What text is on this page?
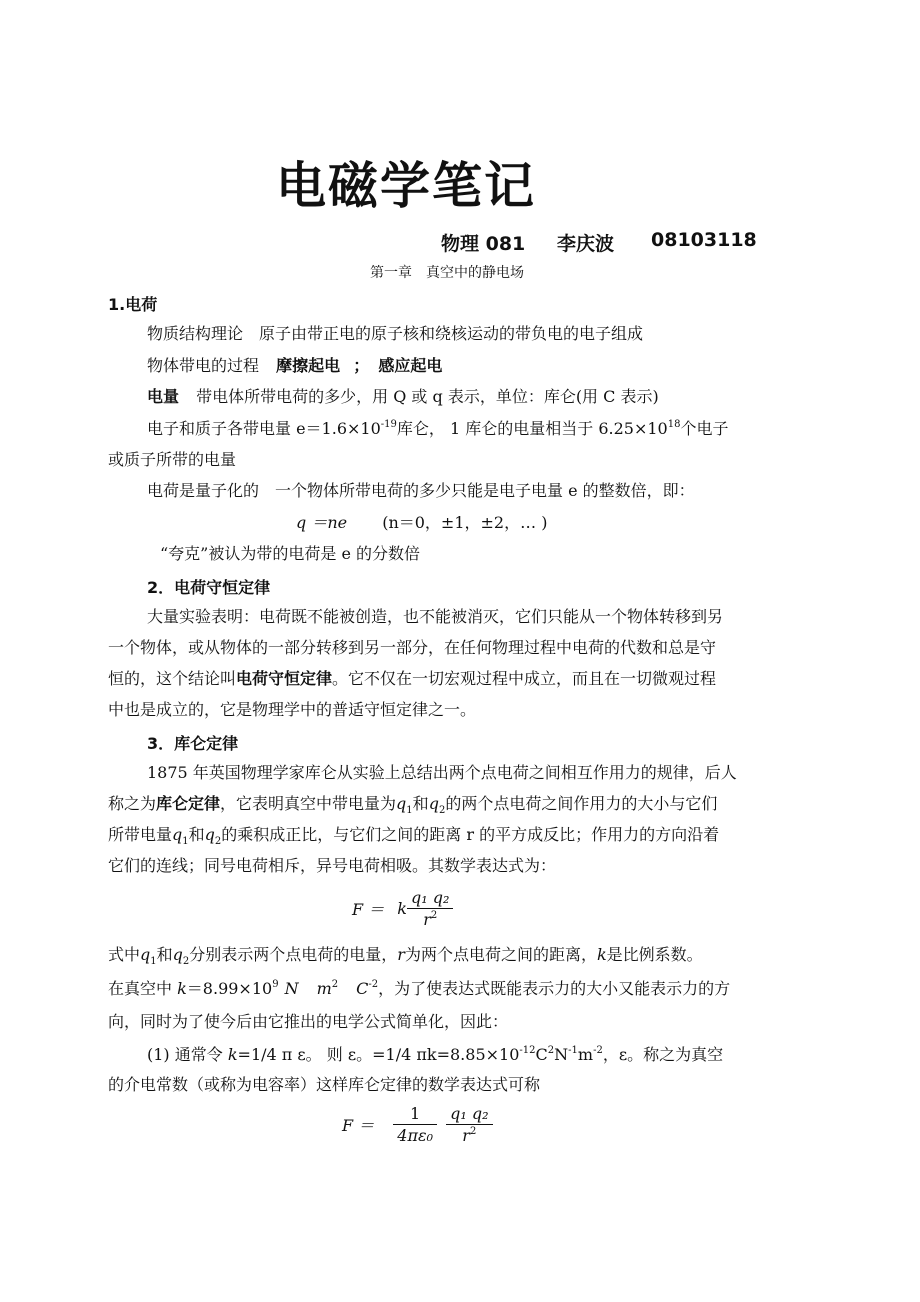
电磁学笔记
物理 081 李庆波 08103118
第一章　真空中的静电场
1.电荷
物质结构理论　原子由带正电的原子核和绕核运动的带负电的电子组成
物体带电的过程 摩擦起电 ； 感应起电
电量 带电体所带电荷的多少，用 Q 或 q 表示，单位：库仑(用 C 表示)
电子和质子各带电量 $e=1.6\times 10^{-19}$库仑， 1 库仑的电量相当于 $6.25\times 10^{18}$个电子
或质子所带的电量
电荷是量子化的　一个物体所带电荷的多少只能是电子电量 e 的整数倍，即：
q ＝ne (n＝0，±1，±2，… )
“夸克”被认为带的电荷是 e 的分数倍
2．电荷守恒定律
大量实验表明：电荷既不能被创造，也不能被消灭，它们只能从一个物体转移到另
一个物体，或从物体的一部分转移到另一部分，在任何物理过程中电荷的代数和总是守
恒的，这个结论叫电荷守恒定律。它不仅在一切宏观过程中成立，而且在一切微观过程
中也是成立的，它是物理学中的普适守恒定律之一。
3．库仑定律
1875 年英国物理学家库仑从实验上总结出两个点电荷之间相互作用力的规律，后人
称之为库仑定律，它表明真空中带电量为$q_1$和$q_2$的两个点电荷之间作用力的大小与它们
所带电量$q_1$和$q_2$的乘积成正比，与它们之间的距离 r 的平方成反比；作用力的方向沿着
它们的连线；同号电荷相斥，异号电荷相吸。其数学表达式为：
F ＝ k $\frac{\text{q₁ q₂}}{r^2}$
式中$q_1$和$q_2$分别表示两个点电荷的电量，r为两个点电荷之间的距离，k是比例系数。
在真空中 $k=8.99\times 10^9$ N $m^2$ $C^{-2}$，为了使表达式既能表示力的大小又能表示力的方
向，同时为了使今后由它推出的电学公式简单化，因此：
(1) 通常令 k=1/4 π ε。 则 ε。=1/4 $\pi k=8.85\times 10^{-12}C^2N^{-1}m^{-2}$，ε。称之为真空
的介电常数（或称为电容率）这样库仑定律的数学表达式可称
$F = \frac{1}{\text{4πε₀}}$
$\frac{\text{q₁ q₂}}{r^2}$
